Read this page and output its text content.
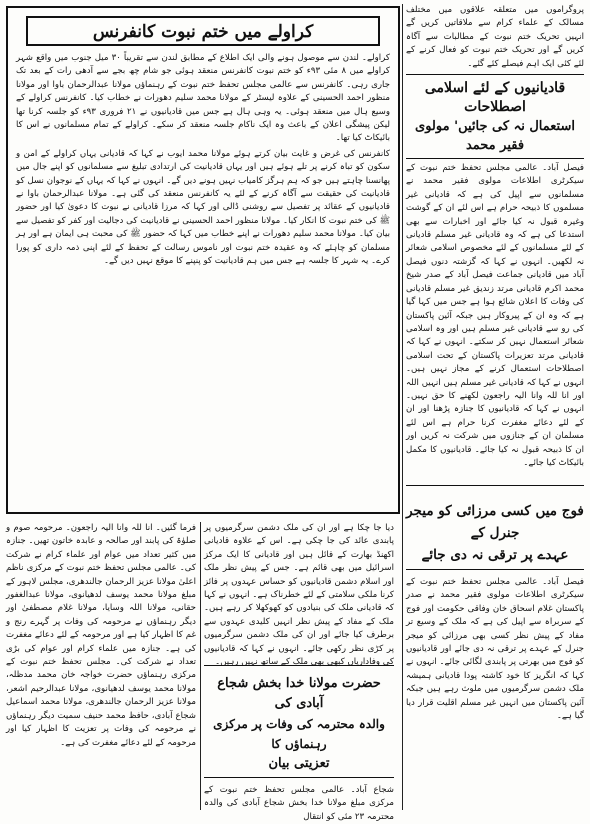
پروگراموں میں متعلقہ علاقوں میں مختلف مسالک کے علماء کرام سے ملاقاتیں کریں گے انہیں تحریک ختم نبوت کے مطالبات سے آگاہ کریں گے اور تحریک ختم نبوت کو فعال کرنے کے لئے کئی ایک اہم فیصلے کئے گئے۔

قادیانیوں کے لئے اسلامی اصطلاحات
استعمال نہ کی جائیں' مولوی فقیر محمد

فیصل آباد۔ عالمی مجلس تحفظ ختم نبوت کے سیکرٹری اطلاعات مولوی فقیر محمد نے مسلمانوں سے اپیل کی ہے کہ قادیانی غیر مسلموں کا ذبیحہ حرام ہے اس لئے ان کے گوشت وغیرہ قبول نہ کیا جائے اور اخبارات سے بھی استدعا کی ہے کہ وہ قادیانی غیر مسلم قادیانی کے لئے مسلمانوں کے لئے مخصوص اسلامی شعائر نہ لکھیں۔ انہوں نے کہا کہ گزشتہ دنوں فیصل آباد میں قادیانی جماعت فیصل آباد کے صدر شیخ محمد اکرم قادیانی مرتد زندیق غیر مسلم قادیانی کی وفات کا اعلان شائع ہوا ہے جس میں کہا گیا ہے کہ وہ ان کے پیروکار ہیں جبکہ آئین پاکستان کی رو سے قادیانی غیر مسلم ہیں اور وہ اسلامی شعائر استعمال نہیں کر سکتے۔ انہوں نے کہا کہ قادیانی مرتد تعزیرات پاکستان کے تحت اسلامی اصطلاحات استعمال کرنے کے مجاز نہیں ہیں۔ انہوں نے کہا کہ قادیانی غیر مسلم ہیں انہیں اللہ اور انا للہ وانا الیہ راجعون لکھنے کا حق نہیں۔ انہوں نے کہا کہ قادیانیوں کا جنازہ پڑھنا اور ان کے لئے دعائے مغفرت کرنا حرام ہے اس لئے مسلمان ان کے جنازوں میں شرکت نہ کریں اور ان کا ذبیحہ قبول نہ کیا جائے۔ قادیانیوں کا مکمل بائیکاٹ کیا جائے۔

فوج میں کسی مرزائی کو میجر جنرل کے
عہدے پر ترقی نہ دی جائے

فیصل آباد۔ عالمی مجلس تحفظ ختم نبوت کے سیکرٹری اطلاعات مولوی فقیر محمد نے صدر پاکستان غلام اسحاق خان وفاقی حکومت اور فوج کے سربراہ سے اپیل کی ہے کہ ملک کے وسیع تر مفاد کے پیش نظر کسی بھی مرزائی کو میجر جنرل کے عہدے پر ترقی نہ دی جائے اور قادیانیوں کو فوج میں بھرتی پر پابندی لگائی جائے۔ انہوں نے کہا کہ انگریز کا خود کاشتہ پودا قادیانی ہمیشہ ملک دشمن سرگرمیوں میں ملوث رہے ہیں جبکہ آئین پاکستان میں انہیں غیر مسلم اقلیت قرار دیا گیا ہے۔

کراولے میں ختم نبوت کانفرنس

کراولے۔ لندن سے موصول ہونے والی ایک اطلاع کے مطابق لندن سے تقریباً ۳۰ میل جنوب میں واقع شہر کراولے میں ۸ مئی ۹۳ء کو ختم نبوت کانفرنس منعقد ہوئی جو شام چھ بجے سے آدھی رات کے بعد تک جاری رہی۔ کانفرنس سے عالمی مجلس تحفظ ختم نبوت کے رہنماؤں مولانا عبدالرحمان باوا اور مولانا منظور احمد الحسینی کے علاوہ لیسٹر کے مولانا محمد سلیم دھورات نے خطاب کیا۔ کانفرنس کراولے کے وسیع ہال میں منعقد ہوئی۔ یہ وہی ہال ہے جس میں قادیانیوں نے ۲۱ فروری ۹۳ء کو جلسہ کرنا تھا لیکن پیشگی اعلان کے باعث وہ ایک ناکام جلسہ منعقد کر سکے۔ کراولے کے تمام مسلمانوں نے اس کا بائیکاٹ کیا تھا۔

کانفرنس کی غرض و غایت بیان کرتے ہوئے مولانا محمد ایوب نے کہا کہ قادیانی یہاں کراولے کے امن و سکون کو تباہ کرنے پر تلے ہوئے ہیں اور یہاں قادیانیت کی ارتدادی تبلیغ سے مسلمانوں کو اپنے جال میں پھانسنا چاہتے ہیں جو کہ ہم ہرگز کامیاب نہیں ہونے دیں گے۔ انہوں نے کہا کہ یہاں کے نوجوان نسل کو قادیانیت کی حقیقت سے آگاہ کرنے کے لئے یہ کانفرنس منعقد کی گئی ہے۔ مولانا عبدالرحمان باوا نے قادیانیوں کے عقائد پر تفصیل سے روشنی ڈالی اور کہا کہ مرزا قادیانی نے نبوت کا دعویٰ کیا اور حضور ﷺ کی ختم نبوت کا انکار کیا۔ مولانا منظور احمد الحسینی نے قادیانیت کی دجالیت اور کفر کو تفصیل سے بیان کیا۔ مولانا محمد سلیم دھورات نے اپنے خطاب میں کہا کہ حضور ﷺ کی محبت ہی ایمان ہے اور ہر مسلمان کو چاہئے کہ وہ عقیدہ ختم نبوت اور ناموس رسالت کے تحفظ کے لئے اپنی ذمہ داری کو پورا کرے۔ یہ شہر کا جلسہ ہے جس میں ہم قادیانیت کو پنپنے کا موقع نہیں دیں گے۔

دیا جا چکا ہے اور ان کی ملک دشمن سرگرمیوں پر پابندی عائد کی جا چکی ہے۔ اس کے علاوہ قادیانی اکھنڈ بھارت کے قائل ہیں اور قادیانی کا ایک مرکز اسرائیل میں بھی قائم ہے۔ جس کے پیش نظر ملک اور اسلام دشمن قادیانیوں کو حساس عہدوں پر فائز کرنا ملکی سلامتی کے لئے خطرناک ہے۔ انہوں نے کہا کہ قادیانی ملک کی بنیادوں کو کھوکھلا کر رہے ہیں۔ ملک کے مفاد کے پیش نظر انہیں کلیدی عہدوں سے برطرف کیا جائے اور ان کی ملک دشمن سرگرمیوں پر کڑی نظر رکھی جائے۔ انہوں نے کہا کہ قادیانیوں کی وفاداریاں کبھی بھی ملک کے ساتھ نہیں رہیں۔

حضرت مولانا خدا بخش شجاع آبادی کی
والدہ محترمہ کی وفات پر مرکزی رہنماؤں کا
تعزیتی بیان

شجاع آباد۔ عالمی مجلس تحفظ ختم نبوت کے مرکزی مبلغ مولانا خدا بخش شجاع آبادی کی والدہ محترمہ ۲۳ مئی کو انتقال

فرما گئیں۔ انا للہ وانا الیہ راجعون۔ مرحومہ صوم و صلوٰۃ کی پابند اور صالحہ و عابدہ خاتون تھیں۔ جنازہ میں کثیر تعداد میں عوام اور علماء کرام نے شرکت کی۔ عالمی مجلس تحفظ ختم نبوت کے مرکزی ناظم اعلیٰ مولانا عزیز الرحمان جالندھری، مجلس لاہور کے مبلغ مولانا محمد یوسف لدھیانوی، مولانا عبدالغفور حقانی، مولانا اللہ وسایا، مولانا غلام مصطفیٰ اور دیگر رہنماؤں نے مرحومہ کی وفات پر گہرے رنج و غم کا اظہار کیا ہے اور مرحومہ کے لئے دعائے مغفرت کی ہے۔ جنازہ میں علماء کرام اور عوام کی بڑی تعداد نے شرکت کی۔ مجلس تحفظ ختم نبوت کے مرکزی رہنماؤں حضرت خواجہ خان محمد مدظلہ، مولانا محمد یوسف لدھیانوی، مولانا عبدالرحیم اشعر، مولانا عزیز الرحمان جالندھری، مولانا محمد اسماعیل شجاع آبادی، حافظ محمد حنیف سمیت دیگر رہنماؤں نے مرحومہ کی وفات پر تعزیت کا اظہار کیا اور مرحومہ کے لئے دعائے مغفرت کی ہے۔
